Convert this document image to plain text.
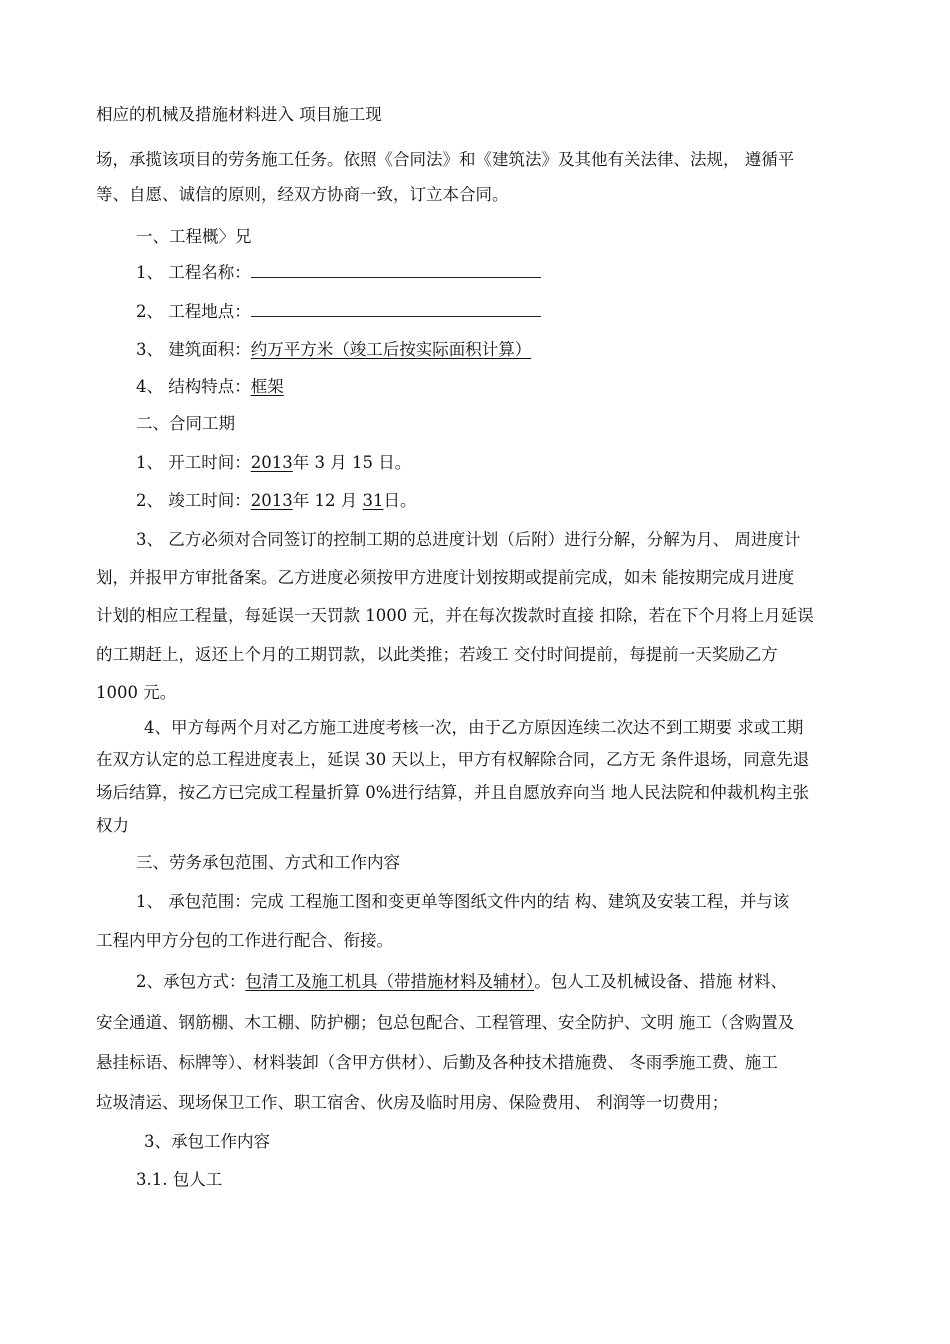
相应的机械及措施材料进入 项目施工现
场，承揽该项目的劳务施工任务。依照《合同法》和《建筑法》及其他有关法律、法规， 遵循平
等、自愿、诚信的原则，经双方协商一致，订立本合同。
一、工程概〉兄
1、 工程名称：
2、 工程地点：
3、 建筑面积：约万平方米（竣工后按实际面积计算）
4、 结构特点：框架
二、合同工期
1、 开工时间：2013年 3 月 15 日。
2、 竣工时间：2013年 12 月 31日。
3、 乙方必须对合同签订的控制工期的总进度计划（后附）进行分解，分解为月、 周进度计
划，并报甲方审批备案。乙方进度必须按甲方进度计划按期或提前完成，如未 能按期完成月进度
计划的相应工程量，每延误一天罚款 1000 元，并在每次拨款时直接 扣除，若在下个月将上月延误
的工期赶上，返还上个月的工期罚款，以此类推；若竣工 交付时间提前，每提前一天奖励乙方
1000 元。
4、甲方每两个月对乙方施工进度考核一次，由于乙方原因连续二次达不到工期要 求或工期
在双方认定的总工程进度表上，延误 30 天以上，甲方有权解除合同，乙方无 条件退场，同意先退
场后结算，按乙方已完成工程量折算 0%进行结算，并且自愿放弃向当 地人民法院和仲裁机构主张
权力
三、劳务承包范围、方式和工作内容
1、 承包范围：完成 工程施工图和变更单等图纸文件内的结 构、建筑及安装工程，并与该
工程内甲方分包的工作进行配合、衔接。
2、承包方式：包清工及施工机具（带措施材料及辅材）。包人工及机械设备、措施 材料、
安全通道、钢筋棚、木工棚、防护棚；包总包配合、工程管理、安全防护、文明 施工（含购置及
悬挂标语、标牌等）、材料装卸（含甲方供材）、后勤及各种技术措施费、 冬雨季施工费、施工
垃圾清运、现场保卫工作、职工宿舍、伙房及临时用房、保险费用、 利润等一切费用；
3、承包工作内容
3.1. 包人工
